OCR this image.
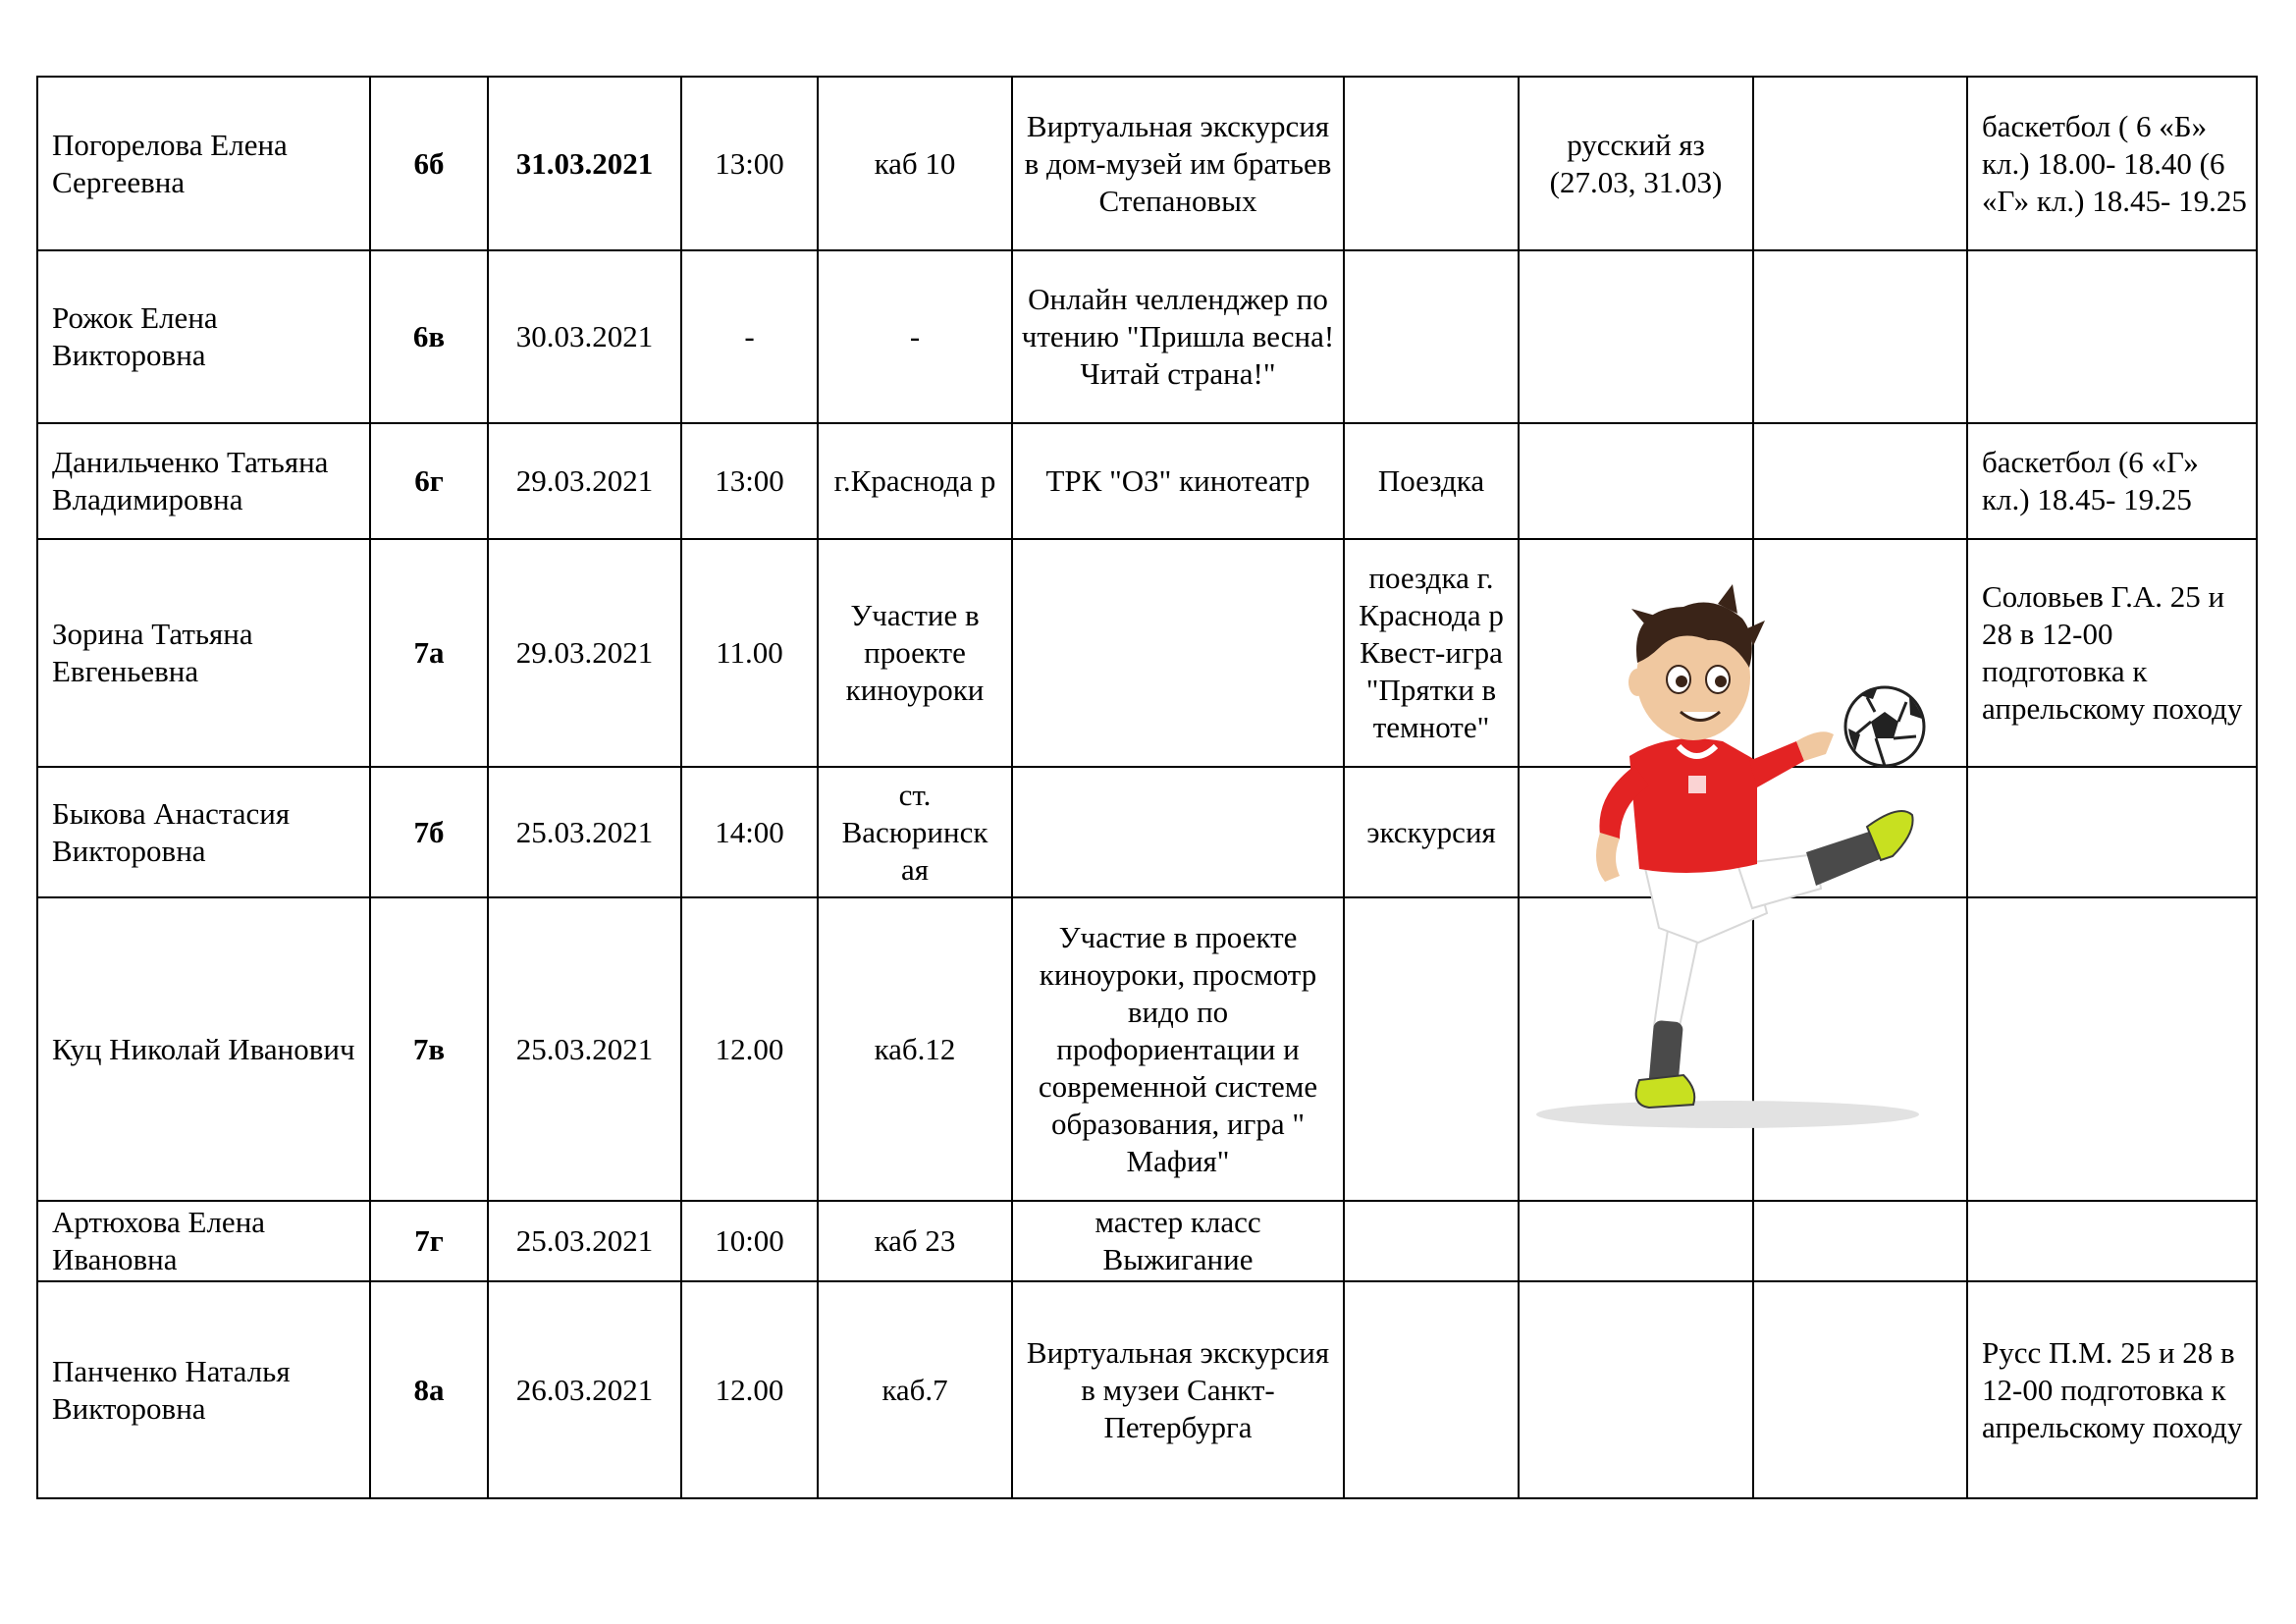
Погорелова Елена Сергеевна	6б	31.03.2021	13:00	каб 10	Виртуальная экскурсия в дом-музей им братьев Степановых		русский яз (27.03, 31.03)		баскетбол ( 6 «Б» кл.) 18.00- 18.40 (6 «Г» кл.) 18.45- 19.25

Рожок Елена Викторовна	6в	30.03.2021	-	-	Онлайн челленджер по чтению "Пришла весна! Читай страна!"				

Данильченко Татьяна Владимировна	6г	29.03.2021	13:00	г.Краснода р	ТРК "ОЗ" кинотеатр	Поездка			баскетбол (6 «Г» кл.) 18.45- 19.25

Зорина Татьяна Евгеньевна	7а	29.03.2021	11.00	Участие в проекте киноуроки		поездка г. Краснода р Квест-игра "Прятки в темноте"			Соловьев Г.А. 25 и 28 в 12-00 подготовка к апрельскому походу

Быкова Анастасия Викторовна	7б	25.03.2021	14:00	ст. Васюринск ая		экскурсия			

Куц Николай Иванович	7в	25.03.2021	12.00	каб.12	Участие в проекте киноуроки, просмотр видо по профориентации и современной системе образования, игра " Мафия"				

Артюхова Елена Ивановна	7г	25.03.2021	10:00	каб 23	мастер класс Выжигание				

Панченко Наталья Викторовна	8а	26.03.2021	12.00	каб.7	Виртуальная экскурсия в музеи Санкт-Петербурга				Русс П.М. 25 и 28 в 12-00 подготовка к апрельскому походу
